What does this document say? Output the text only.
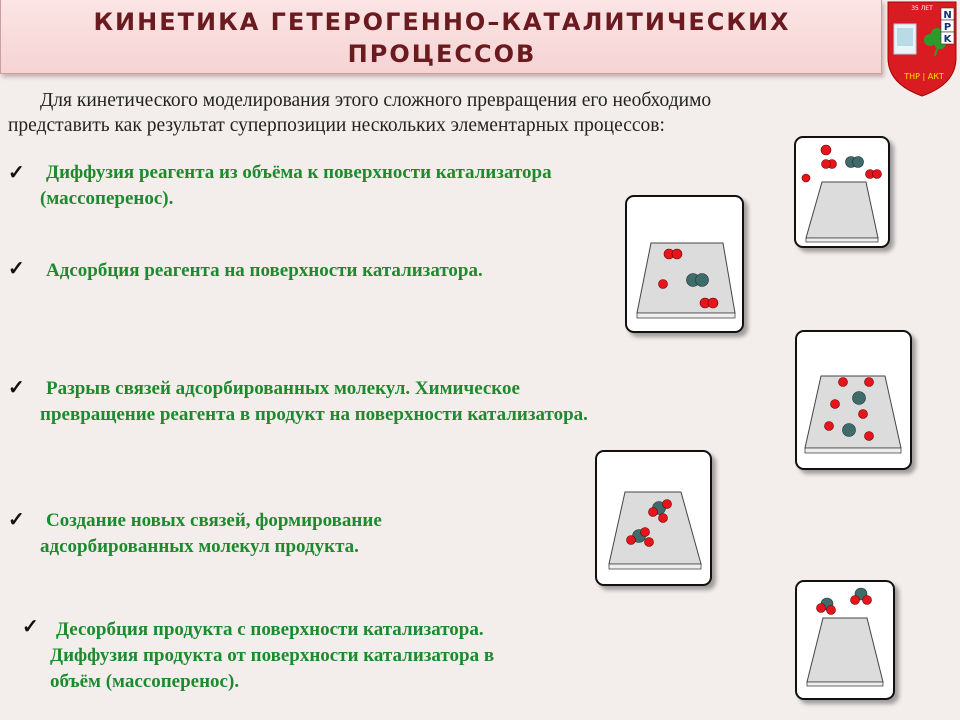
КИНЕТИКА ГЕТЕРОГЕННО–КАТАЛИТИЧЕСКИХ
ПРОЦЕССОВ
35 ЛЕТ
N
P
K
ТНР | АКТ
Для кинетического моделирования этого сложного превращения его необходимо
представить как результат суперпозиции нескольких элементарных процессов:
✓	Диффузия реагента из объёма к поверхности катализатора
(массоперенос).
✓	Адсорбция реагента на поверхности катализатора.
✓	Разрыв связей адсорбированных молекул. Химическое
превращение реагента в продукт на поверхности катализатора.
✓	Создание новых связей, формирование
адсорбированных молекул продукта.
✓ Десорбция продукта с поверхности катализатора.
Диффузия продукта от поверхности катализатора в
объём (массоперенос).
